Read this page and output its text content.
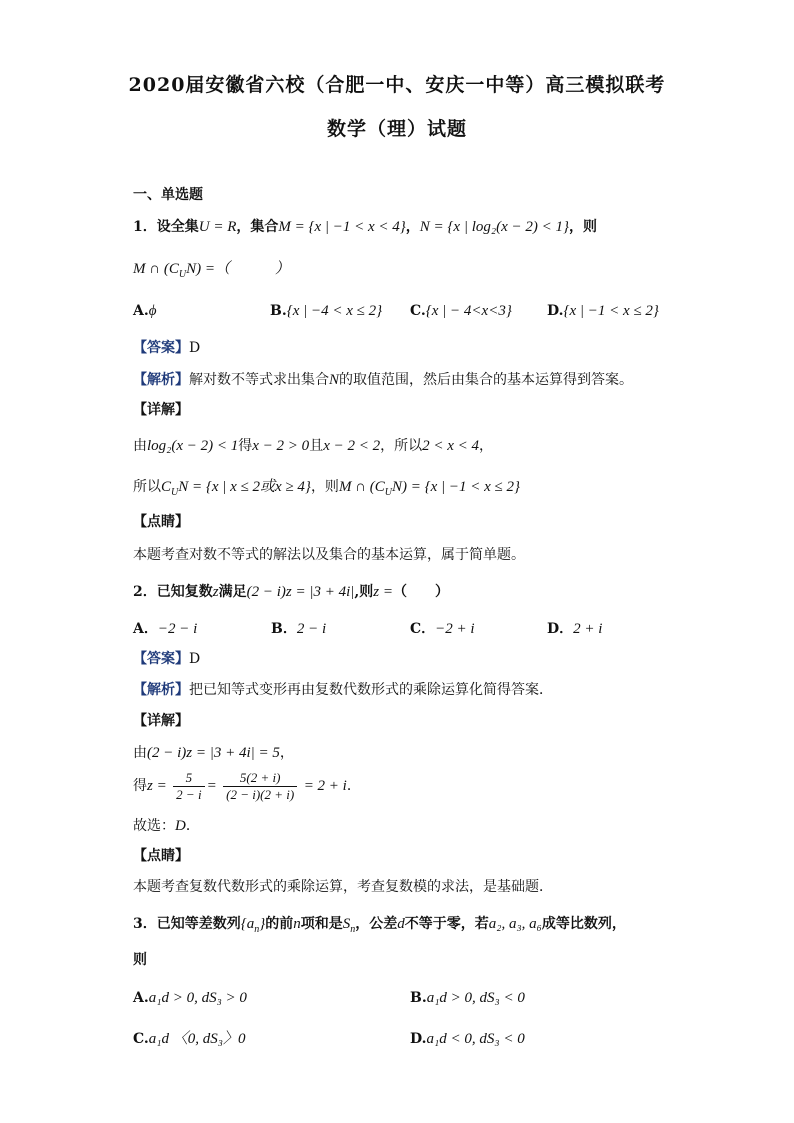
2020届安徽省六校（合肥一中、安庆一中等）高三模拟联考
数学（理）试题
一、单选题
1．设全集U = R，集合M = {x | −1 < x < 4}，N = {x | log₂(x − 2) < 1}，则
M ∩ $(C_UN)$ =（　　　）
A.ϕ	B.{x | −4 < x ≤ 2} C.{x | − 4<x<3}	D.{x | −1 < x ≤ 2}
【答案】D
【解析】解对数不等式求出集合N的取值范围，然后由集合的基本运算得到答案。
【详解】
由log₂(x − 2) < 1得x − 2 > 0且x − 2 < 2，所以2 < x < 4，
所以$C_UN = \{x$ | x ≤ 2或x ≥ 4}，则M ∩ $(C_UN) = \{x$ | −1 < x ≤ 2}
【点睛】
本题考查对数不等式的解法以及集合的基本运算，属于简单题。
2．已知复数z满足(2 − i)z = |3 + 4i|,则z =（　　）
A．−2 − i	B．2 − i	C．−2 + i	D．2 + i
【答案】D
【解析】把已知等式变形再由复数代数形式的乘除运算化简得答案．
【详解】
由(2 − i)z = |3 + 4i| = 5，
得$z = \frac{5}{2 - i} = \frac{5(2 + i)}{(2 - i)(2 + i)} = 2 + i$．
故选：D．
【点睛】
本题考查复数代数形式的乘除运算，考查复数模的求法，是基础题．
3．已知等差数列$\{a_n\}$的前n项和是$S_n$，公差d不等于零，若a₂, a₃, a₆成等比数列，
则
A.a₁d > 0, dS₃ > 0	B.a₁d > 0, dS₃ < 0
C.a₁d 〈0, dS₃〉0	D.a₁d < 0, dS₃ < 0
